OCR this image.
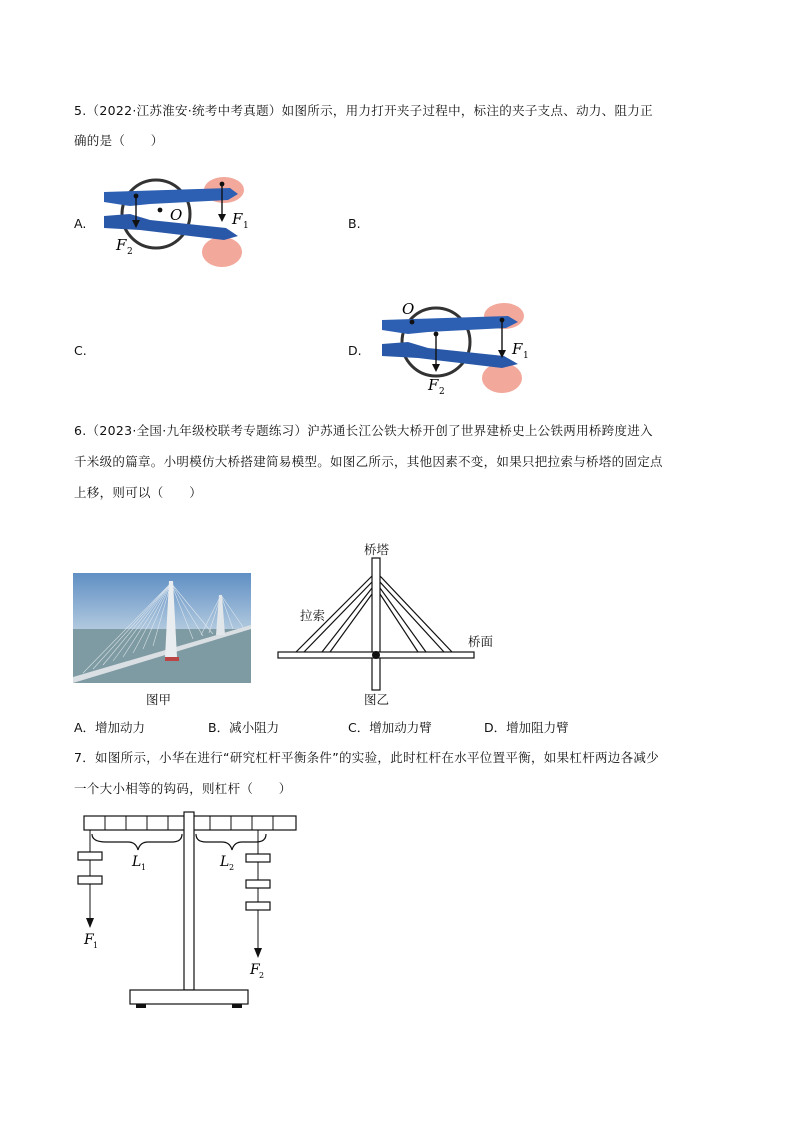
5.（2022·江苏淮安·统考中考真题）如图所示，用力打开夹子过程中，标注的夹子支点、动力、阻力正
确的是（　　）
A.	B.
C.	D.
O	F 1
F 2
O
F 1
F 2
6.（2023·全国·九年级校联考专题练习）沪苏通长江公铁大桥开创了世界建桥史上公铁两用桥跨度进入
千米级的篇章。小明模仿大桥搭建简易模型。如图乙所示，其他因素不变，如果只把拉索与桥塔的固定点
上移，则可以（　　）
图甲
桥塔
拉索
桥面
图乙
A．增加动力	B．减小阻力	C．增加动力臂	D．增加阻力臂
7．如图所示，小华在进行“研究杠杆平衡条件”的实验，此时杠杆在水平位置平衡，如果杠杆两边各减少
一个大小相等的钩码，则杠杆（　　）
L 1	L 2
F 1
F 2
